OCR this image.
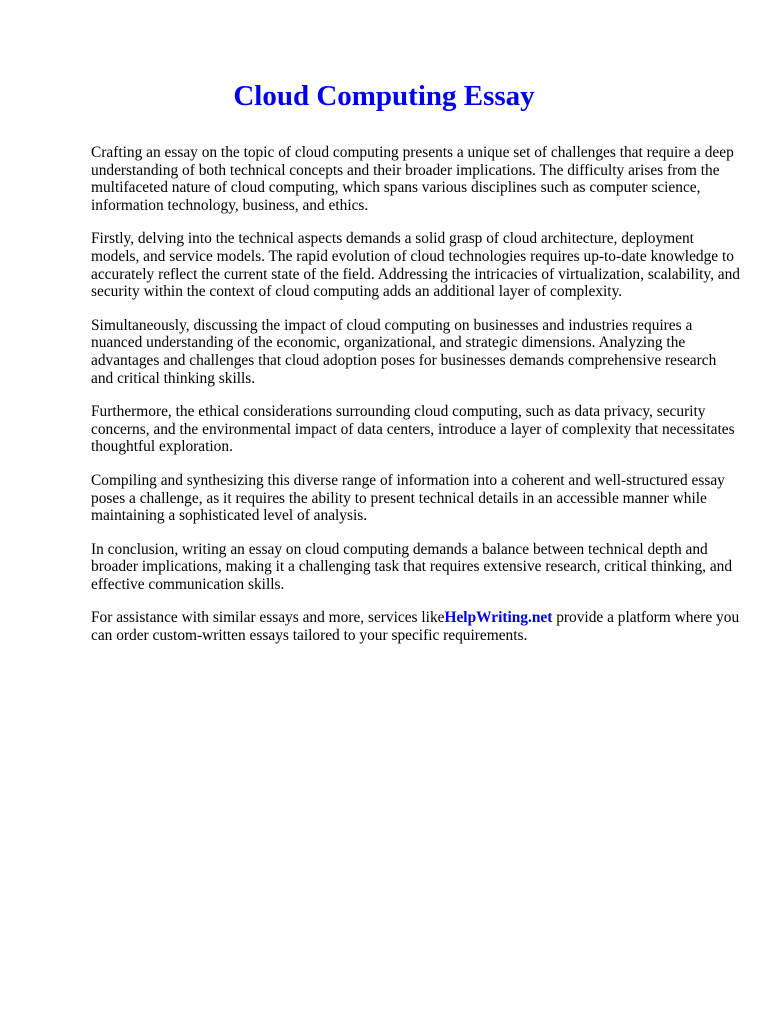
Cloud Computing Essay

Crafting an essay on the topic of cloud computing presents a unique set of challenges that require a deep understanding of both technical concepts and their broader implications. The difficulty arises from the multifaceted nature of cloud computing, which spans various disciplines such as computer science, information technology, business, and ethics.

Firstly, delving into the technical aspects demands a solid grasp of cloud architecture, deployment models, and service models. The rapid evolution of cloud technologies requires up-to-date knowledge to accurately reflect the current state of the field. Addressing the intricacies of virtualization, scalability, and security within the context of cloud computing adds an additional layer of complexity.

Simultaneously, discussing the impact of cloud computing on businesses and industries requires a nuanced understanding of the economic, organizational, and strategic dimensions. Analyzing the advantages and challenges that cloud adoption poses for businesses demands comprehensive research and critical thinking skills.

Furthermore, the ethical considerations surrounding cloud computing, such as data privacy, security concerns, and the environmental impact of data centers, introduce a layer of complexity that necessitates thoughtful exploration.

Compiling and synthesizing this diverse range of information into a coherent and well-structured essay poses a challenge, as it requires the ability to present technical details in an accessible manner while maintaining a sophisticated level of analysis.

In conclusion, writing an essay on cloud computing demands a balance between technical depth and broader implications, making it a challenging task that requires extensive research, critical thinking, and effective communication skills.

For assistance with similar essays and more, services likeHelpWriting.net provide a platform where you can order custom-written essays tailored to your specific requirements.
